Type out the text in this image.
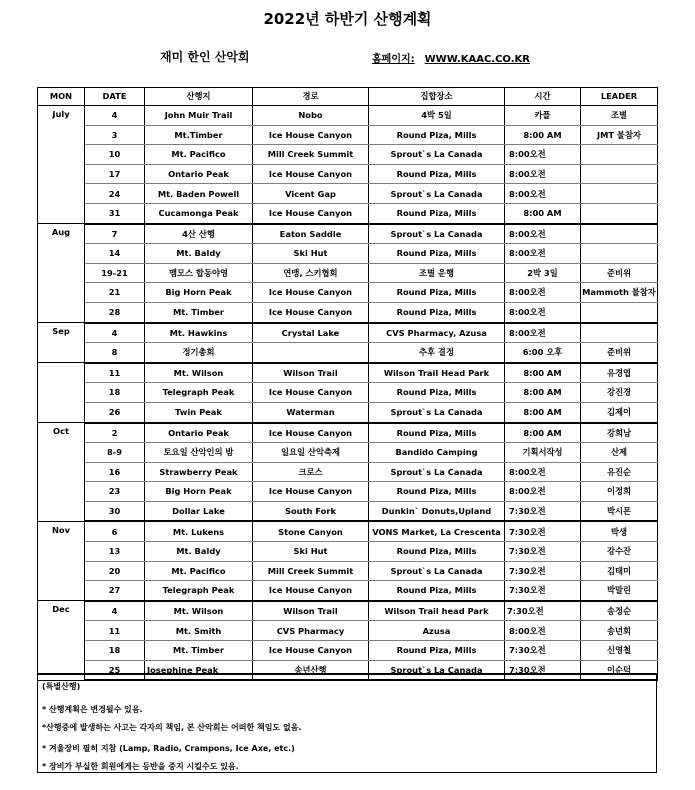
2022년 하반기 산행계획
재미 한인 산악회	홈페이지: WWW.KAAC.CO.KR
MON	DATE	산행지	경로	집합장소	시간	LEADER
July	4	John Muir Trail	Nobo	4박 5일	카플	조별
	3	Mt.Timber	Ice House Canyon	Round Piza, Mills	8:00 AM	JMT 불참자
	10	Mt. Pacifico	Mill Creek Summit	Sprout`s La Canada	8:00오전	
	17	Ontario Peak	Ice House Canyon	Round Piza, Mills	8:00오전	
	24	Mt. Baden Powell	Vicent Gap	Sprout`s La Canada	8:00오전	
	31	Cucamonga Peak	Ice House Canyon	Round Piza, Mills	8:00 AM	
Aug	7	4산 산행	Eaton Saddle	Sprout`s La Canada	8:00오전	
	14	Mt. Baldy	Ski Hut	Round Piza, Mills	8:00오전	
	19-21	맴모스 합동야영	연맹, 스키협회	조별 운행	2박 3일	준비위
	21	Big Horn Peak	Ice House Canyon	Round Piza, Mills	8:00오전	Mammoth 불참자
	28	Mt. Timber	Ice House Canyon	Round Piza, Mills	8:00오전	
Sep	4	Mt. Hawkins	Crystal Lake	CVS Pharmacy, Azusa	8:00오전	
	8	정기총회		추후 결정	6:00 오후	준비위
	11	Mt. Wilson	Wilson Trail	Wilson Trail Head Park	8:00 AM	유경엽
	18	Telegraph Peak	Ice House Canyon	Round Piza, Mills	8:00 AM	강진경
	26	Twin Peak	Waterman	Sprout`s La Canada	8:00 AM	김제이
Oct	2	Ontario Peak	Ice House Canyon	Round Piza, Mills	8:00 AM	강희남
	8-9	토요일 산악인의 밤	일요일 산악축제	Bandido Camping	기획서작성	산제
	16	Strawberry Peak	크로스	Sprout`s La Canada	8:00오전	유진순
	23	Big Horn Peak	Ice House Canyon	Round Piza, Mills	8:00오전	이정희
	30	Dollar Lake	South Fork	Dunkin` Donuts,Upland	7:30오전	박시몬
Nov	6	Mt. Lukens	Stone Canyon	VONS Market, La Crescenta	7:30오전	박생
	13	Mt. Baldy	Ski Hut	Round Piza, Mills	7:30오전	강수잔
	20	Mt. Pacifico	Mill Creek Summit	Sprout`s La Canada	7:30오전	김태미
	27	Telegraph Peak	Ice House Canyon	Round Piza, Mills	7:30오전	박말린
Dec	4	Mt. Wilson	Wilson Trail	Wilson Trail head Park	7:30오전	송정순
	11	Mt. Smith	CVS Pharmacy	Azusa	8:00오전	송년회
	18	Mt. Timber	Ice House Canyon	Round Piza, Mills	7:30오전	신영철
	25	Josephine Peak	송년산행	Sprout`s La Canada	7:30오전	이순덕
(특별산행)
* 산행계획은 변경될수 있음.
*산행중에 발생하는 사고는 각자의 책임, 본 산악회는 어떠한 책임도 없음.
* 겨울장비 필히 지참 (Lamp, Radio, Crampons, Ice Axe, etc.)
* 장비가 부실한 회원에게는 등반을 중지 시킬수도 있음.
